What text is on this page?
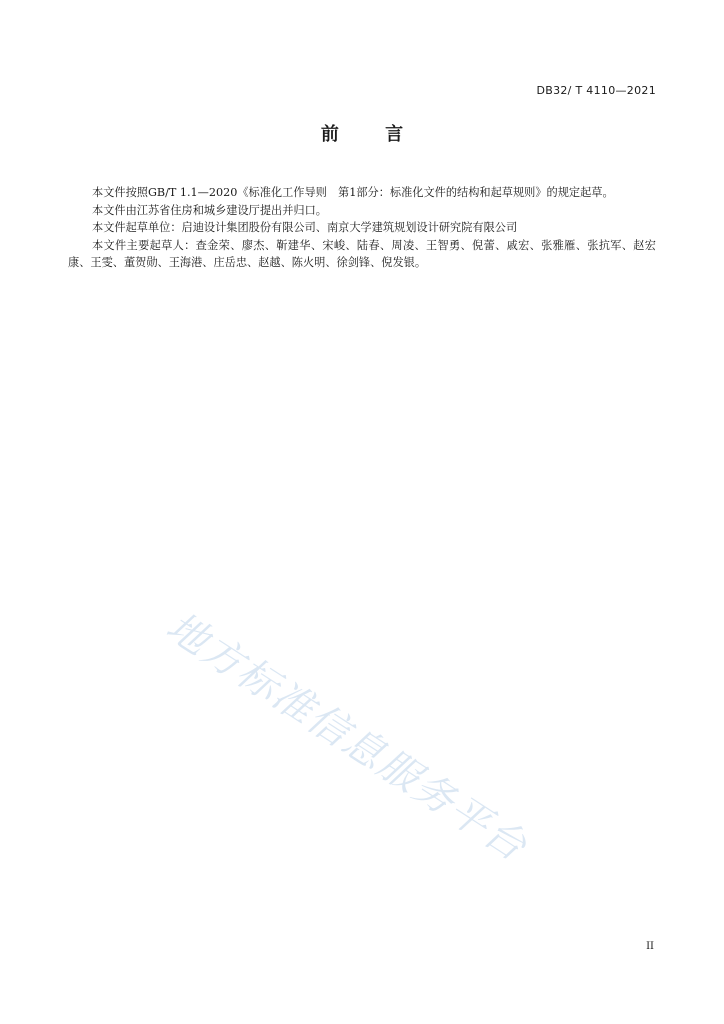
DB32/ T 4110—2021
前 言

本文件按照GB/T 1.1—2020《标准化工作导则　第1部分：标准化文件的结构和起草规则》的规定起草。

本文件由江苏省住房和城乡建设厅提出并归口。

本文件起草单位：启迪设计集团股份有限公司、南京大学建筑规划设计研究院有限公司

本文件主要起草人：查金荣、廖杰、靳建华、宋峻、陆春、周凌、王智勇、倪蕾、戚宏、张雅雁、张抗军、赵宏康、王雯、董贺勋、王海港、庄岳忠、赵越、陈火明、徐剑锋、倪发银。

地方标准信息服务平台
II
